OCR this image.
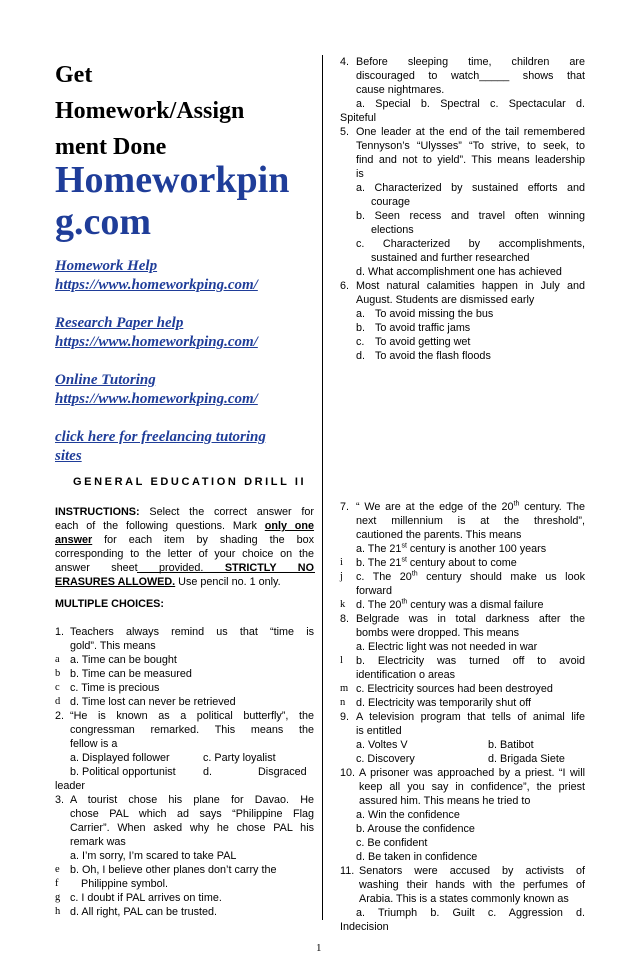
Get
Homework/Assign
ment Done
Homeworkpin
g.com
Homework Help
https://www.homeworkping.com/
Research Paper help
https://www.homeworkping.com/
Online Tutoring
https://www.homeworkping.com/
click here for freelancing tutoring
sites
GENERAL EDUCATION DRILL II
INSTRUCTIONS: Select the correct answer for
each of the following questions. Mark only one
answer for each item by shading the box
corresponding to the letter of your choice on the
answer sheet provided. STRICTLY NO
ERASURES ALLOWED. Use pencil no. 1 only.
MULTIPLE CHOICES:
1. Teachers always remind us that “time is
gold”. This means
a a. Time can be bought
b b. Time can be measured
c c. Time is precious
d d. Time lost can never be retrieved
2. “He is known as a political butterfly”, the
congressman remarked. This means the
fellow is a
a. Displayed follower	c. Party loyalist
b. Political opportunist	d.	Disgraced
leader
3. A tourist chose his plane for Davao. He
chose PAL which ad says “Philippine Flag
Carrier”. When asked why he chose PAL his
remark was
a. I’m sorry, I’m scared to take PAL
e b. Oh, I believe other planes don’t carry the
f Philippine symbol.
g c. I doubt if PAL arrives on time.
h d. All right, PAL can be trusted.
1
4. Before sleeping time, children are
discouraged to watch_____ shows that
cause nightmares.
a. Special b. Spectral c. Spectacular d.
Spiteful
5. One leader at the end of the tail remembered
Tennyson’s “Ulysses” “To strive, to seek, to
find and not to yield”. This means leadership
is
a. Characterized by sustained efforts and
courage
b. Seen recess and travel often winning
elections
c. Characterized by accomplishments,
sustained and further researched
d. What accomplishment one has achieved
6. Most natural calamities happen in July and
August. Students are dismissed early
a. To avoid missing the bus
b. To avoid traffic jams
c. To avoid getting wet
d. To avoid the flash floods
7. “ We are at the edge of the 20th century. The
next millennium is at the threshold”,
cautioned the parents. This means
a. The 21st century is another 100 years
i b. The 21st century about to come
j c. The 20th century should make us look
forward
k d. The 20th century was a dismal failure
8. Belgrade was in total darkness after the
bombs were dropped. This means
a. Electric light was not needed in war
l b. Electricity was turned off to avoid
identification o areas
m c. Electricity sources had been destroyed
n d. Electricity was temporarily shut off
9. A television program that tells of animal life
is entitled
a. Voltes V	b. Batibot
c. Discovery	d. Brigada Siete
10. A prisoner was approached by a priest. “I will
keep all you say in confidence”, the priest
assured him. This means he tried to
a. Win the confidence
b. Arouse the confidence
c. Be confident
d. Be taken in confidence
11. Senators were accused by activists of
washing their hands with the perfumes of
Arabia. This is a states commonly known as
a. Triumph b. Guilt c. Aggression d.
Indecision
